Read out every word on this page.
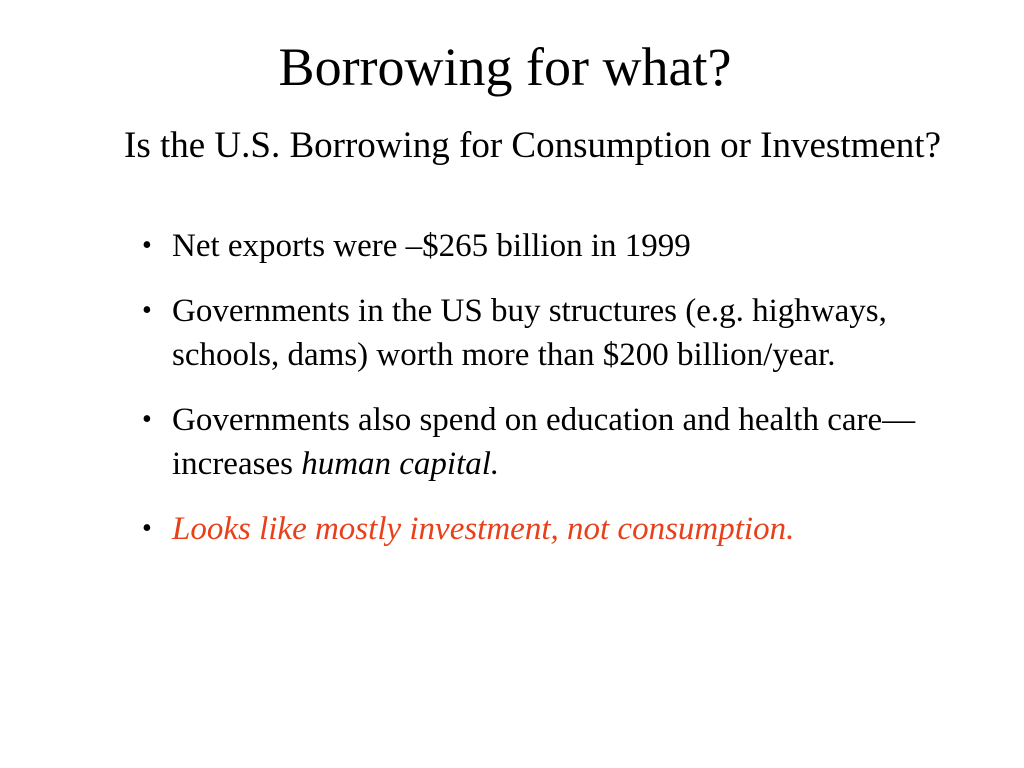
Borrowing for what?

Is the U.S. Borrowing for Consumption or Investment?

• Net exports were –$265 billion in 1999
• Governments in the US buy structures (e.g. highways, schools, dams) worth more than $200 billion/year.
• Governments also spend on education and health care—increases human capital.
• Looks like mostly investment, not consumption.
